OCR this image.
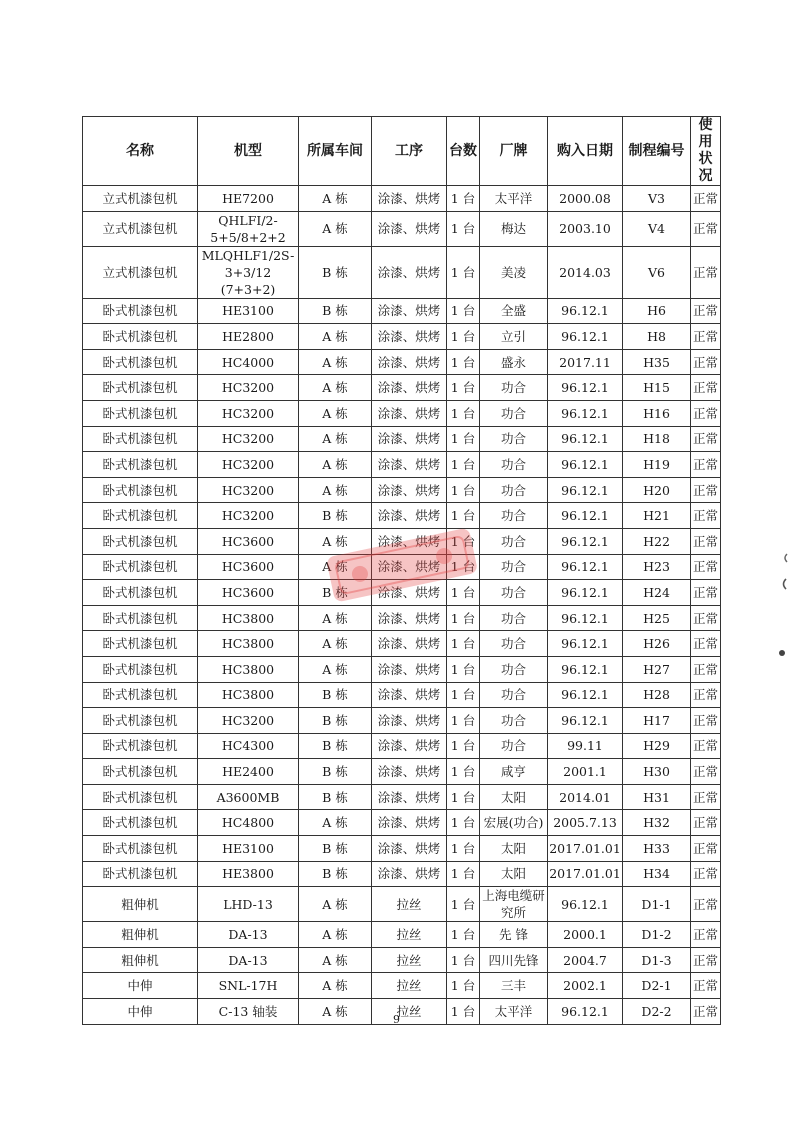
名称	机型	所属车间	工序	台数	厂牌	购入日期	制程编号	使用
状况
立式机漆包机	HE7200	A 栋	涂漆、烘烤	1 台	太平洋	2000.08	V3	正常
立式机漆包机	QHLFI/2-5+5/8+2+2	A 栋	涂漆、烘烤	1 台	梅达	2003.10	V4	正常
立式机漆包机	MLQHLF1/2S-3+3/12 (7+3+2)	B 栋	涂漆、烘烤	1 台	美凌	2014.03	V6	正常
卧式机漆包机	HE3100	B 栋	涂漆、烘烤	1 台	全盛	96.12.1	H6	正常
卧式机漆包机	HE2800	A 栋	涂漆、烘烤	1 台	立引	96.12.1	H8	正常
卧式机漆包机	HC4000	A 栋	涂漆、烘烤	1 台	盛永	2017.11	H35	正常
卧式机漆包机	HC3200	A 栋	涂漆、烘烤	1 台	功合	96.12.1	H15	正常
卧式机漆包机	HC3200	A 栋	涂漆、烘烤	1 台	功合	96.12.1	H16	正常
卧式机漆包机	HC3200	A 栋	涂漆、烘烤	1 台	功合	96.12.1	H18	正常
卧式机漆包机	HC3200	A 栋	涂漆、烘烤	1 台	功合	96.12.1	H19	正常
卧式机漆包机	HC3200	A 栋	涂漆、烘烤	1 台	功合	96.12.1	H20	正常
卧式机漆包机	HC3200	B 栋	涂漆、烘烤	1 台	功合	96.12.1	H21	正常
卧式机漆包机	HC3600	A 栋	涂漆、烘烤	1 台	功合	96.12.1	H22	正常
卧式机漆包机	HC3600	A 栋	涂漆、烘烤	1 台	功合	96.12.1	H23	正常
卧式机漆包机	HC3600	B 栋	涂漆、烘烤	1 台	功合	96.12.1	H24	正常
卧式机漆包机	HC3800	A 栋	涂漆、烘烤	1 台	功合	96.12.1	H25	正常
卧式机漆包机	HC3800	A 栋	涂漆、烘烤	1 台	功合	96.12.1	H26	正常
卧式机漆包机	HC3800	A 栋	涂漆、烘烤	1 台	功合	96.12.1	H27	正常
卧式机漆包机	HC3800	B 栋	涂漆、烘烤	1 台	功合	96.12.1	H28	正常
卧式机漆包机	HC3200	B 栋	涂漆、烘烤	1 台	功合	96.12.1	H17	正常
卧式机漆包机	HC4300	B 栋	涂漆、烘烤	1 台	功合	99.11	H29	正常
卧式机漆包机	HE2400	B 栋	涂漆、烘烤	1 台	咸亨	2001.1	H30	正常
卧式机漆包机	A3600MB	B 栋	涂漆、烘烤	1 台	太阳	2014.01	H31	正常
卧式机漆包机	HC4800	A 栋	涂漆、烘烤	1 台	宏展(功合)	2005.7.13	H32	正常
卧式机漆包机	HE3100	B 栋	涂漆、烘烤	1 台	太阳	2017.01.01	H33	正常
卧式机漆包机	HE3800	B 栋	涂漆、烘烤	1 台	太阳	2017.01.01	H34	正常
粗伸机	LHD-13	A 栋	拉丝	1 台	上海电缆研究所	96.12.1	D1-1	正常
粗伸机	DA-13	A 栋	拉丝	1 台	先 锋	2000.1	D1-2	正常
粗伸机	DA-13	A 栋	拉丝	1 台	四川先锋	2004.7	D1-3	正常
中伸	SNL-17H	A 栋	拉丝	1 台	三丰	2002.1	D2-1	正常
中伸	C-13 轴装	A 栋	拉丝	1 台	太平洋	96.12.1	D2-2	正常
9
